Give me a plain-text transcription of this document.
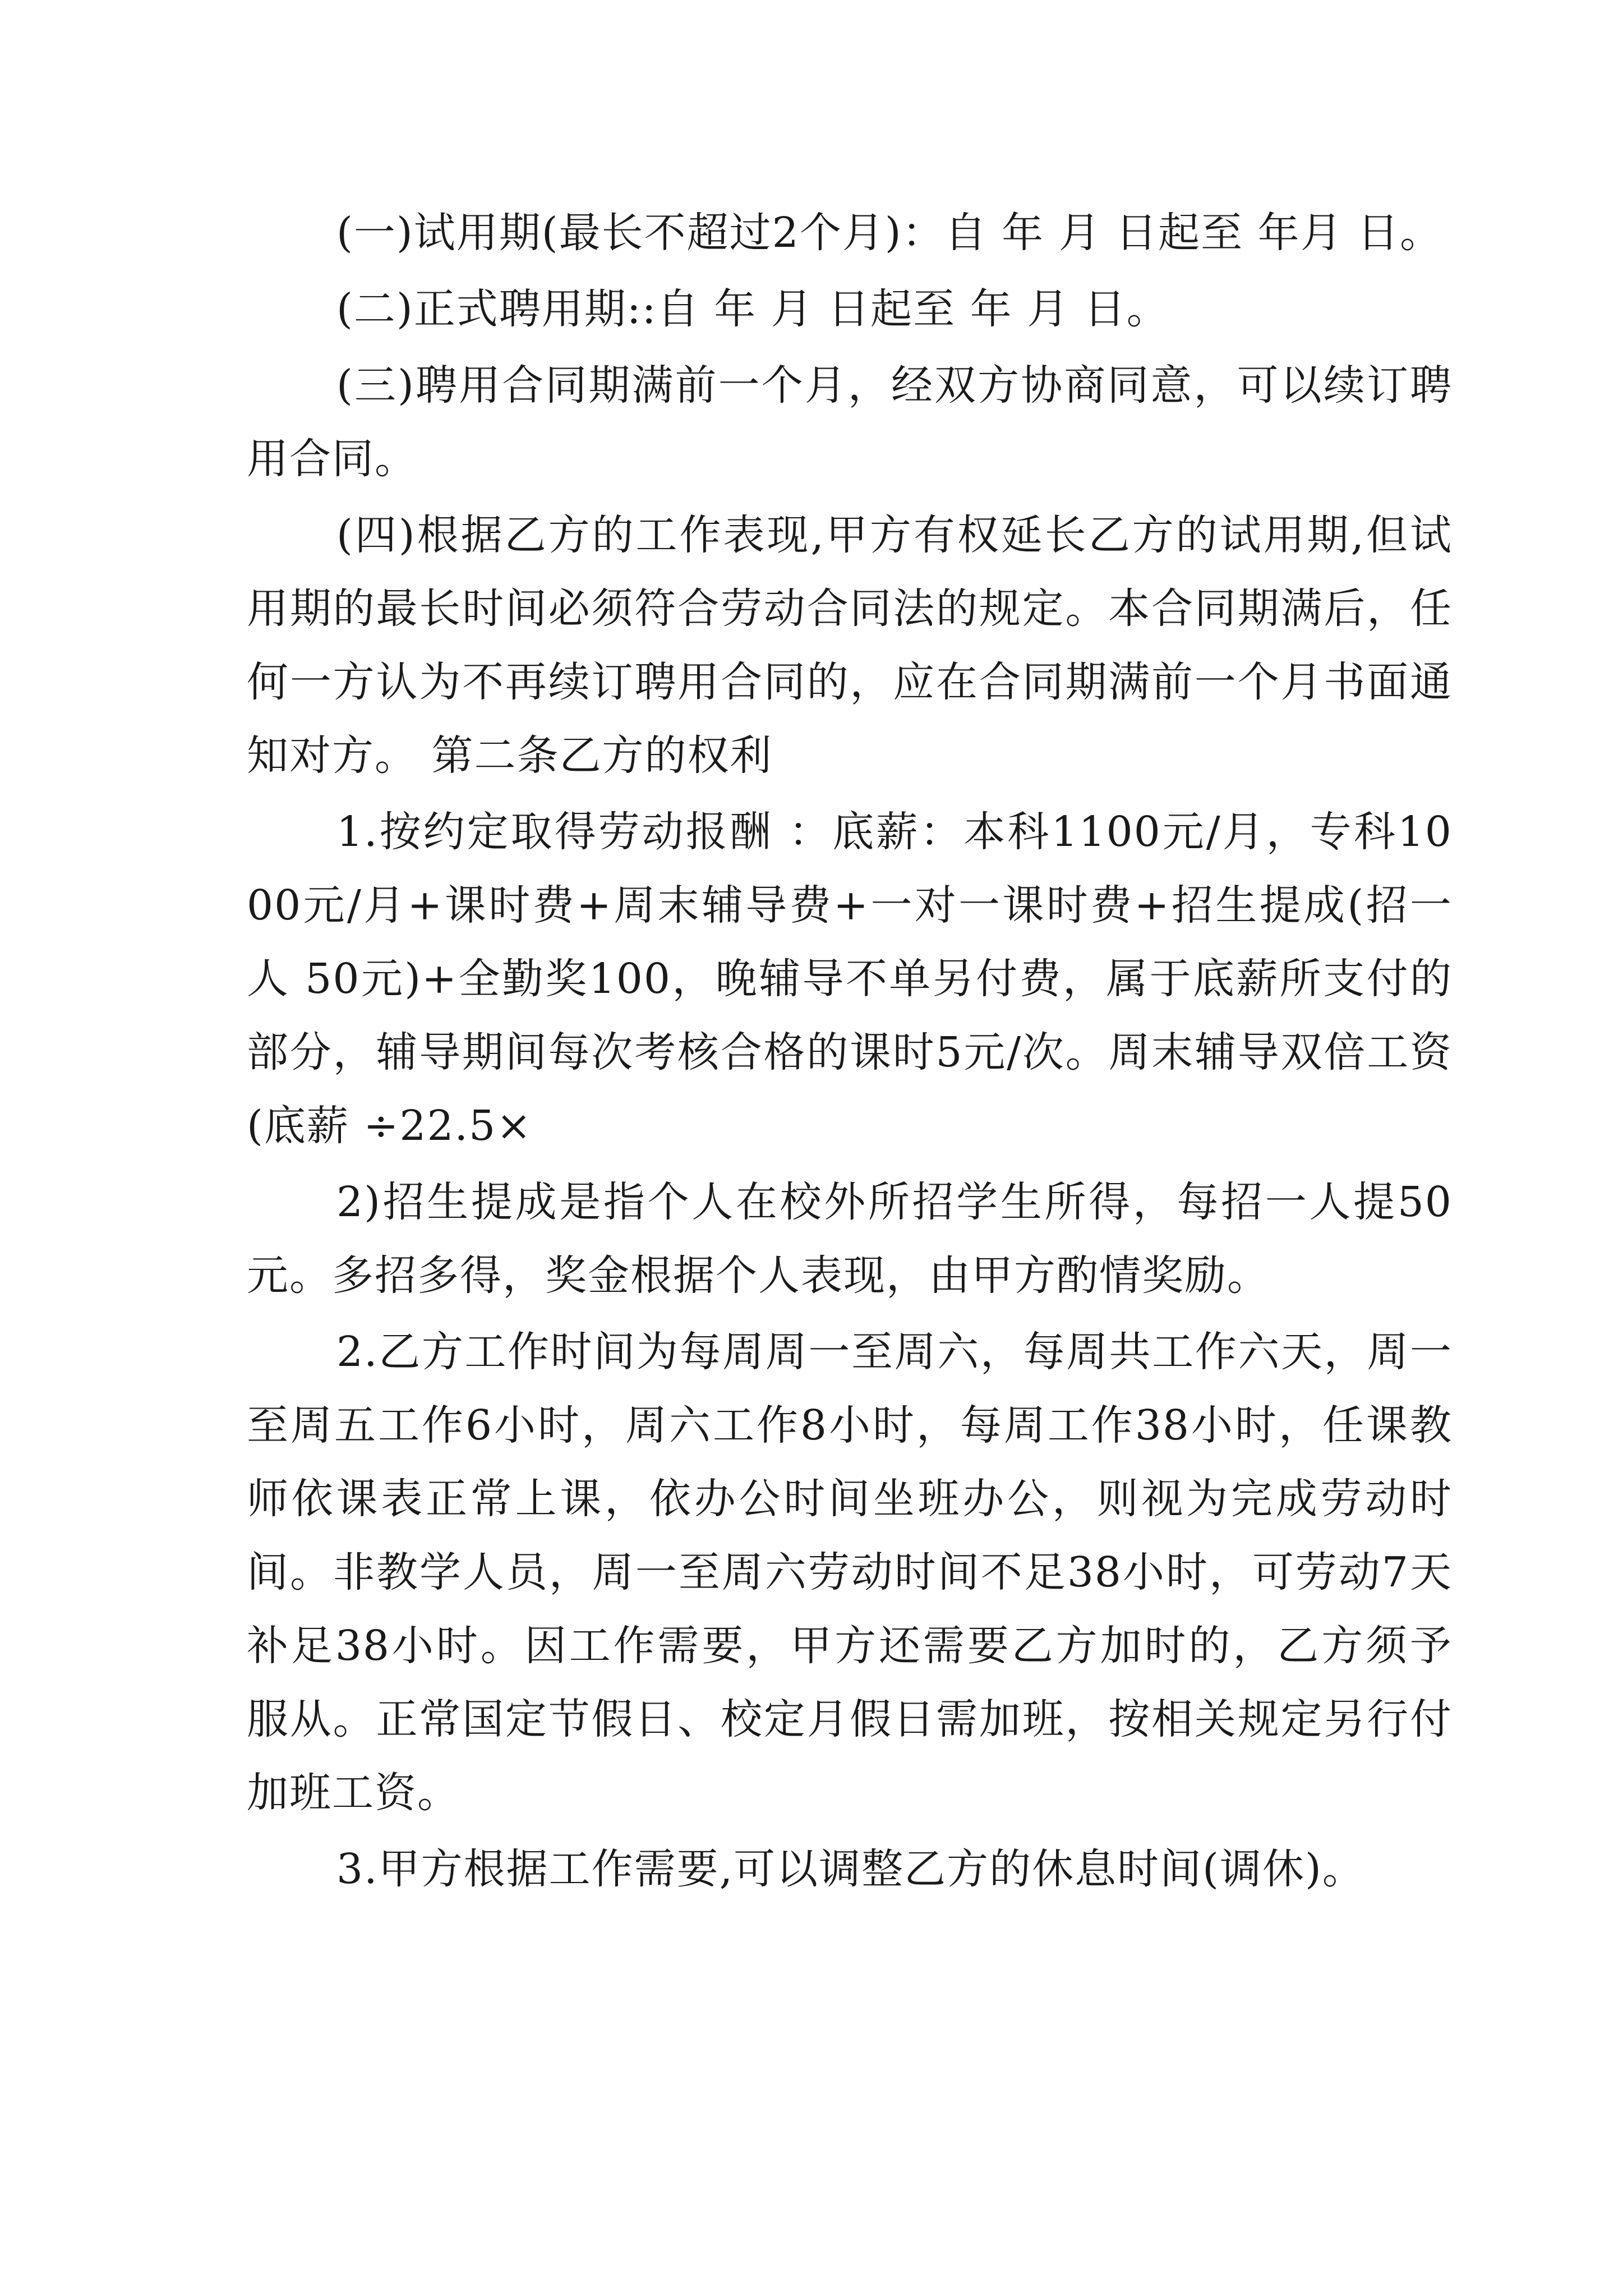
(一)试用期(最长不超过2个月)：自 年 月 日起至 年月 日。

(二)正式聘用期::自 年 月 日起至 年 月 日。

(三)聘用合同期满前一个月，经双方协商同意，可以续订聘用合同。

(四)根据乙方的工作表现,甲方有权延长乙方的试用期,但试用期的最长时间必须符合劳动合同法的规定。本合同期满后，任何一方认为不再续订聘用合同的，应在合同期满前一个月书面通知对方。 第二条乙方的权利

1.按约定取得劳动报酬 ：底薪：本科1100元/月，专科1000元/月+课时费+周末辅导费+一对一课时费+招生提成(招一 人 50元)+全勤奖100，晚辅导不单另付费，属于底薪所支付的部分，辅导期间每次考核合格的课时5元/次。周末辅导双倍工资(底薪 ÷22.5×

2)招生提成是指个人在校外所招学生所得，每招一人提50元。多招多得，奖金根据个人表现，由甲方酌情奖励。

2.乙方工作时间为每周周一至周六，每周共工作六天，周一至周五工作6小时，周六工作8小时，每周工作38小时，任课教师依课表正常上课，依办公时间坐班办公，则视为完成劳动时间。非教学人员，周一至周六劳动时间不足38小时，可劳动7天补足38小时。因工作需要，甲方还需要乙方加时的，乙方须予服从。正常国定节假日、校定月假日需加班，按相关规定另行付加班工资。

3.甲方根据工作需要,可以调整乙方的休息时间(调休)。
